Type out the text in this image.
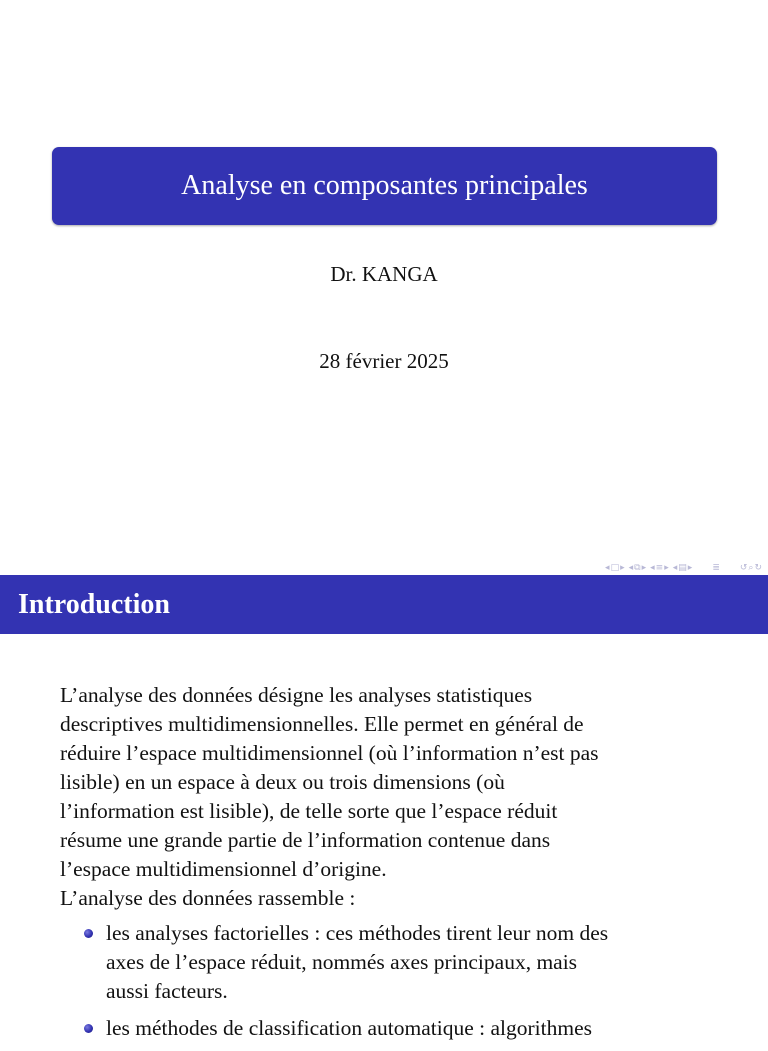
Analyse en composantes principales
Dr. KANGA
28 février 2025
◂ □ ▸ ◂ ⧉ ▸ ◂ ≡ ▸ ◂ ▤ ▸ ≣ ↺ ⌕ ↻
Introduction

L’analyse des données désigne les analyses statistiques
descriptives multidimensionnelles. Elle permet en général de
réduire l’espace multidimensionnel (où l’information n’est pas
lisible) en un espace à deux ou trois dimensions (où
l’information est lisible), de telle sorte que l’espace réduit
résume une grande partie de l’information contenue dans
l’espace multidimensionnel d’origine.
L’analyse des données rassemble :

les analyses factorielles : ces méthodes tirent leur nom des
axes de l’espace réduit, nommés axes principaux, mais
aussi facteurs.
les méthodes de classification automatique : algorithmes
